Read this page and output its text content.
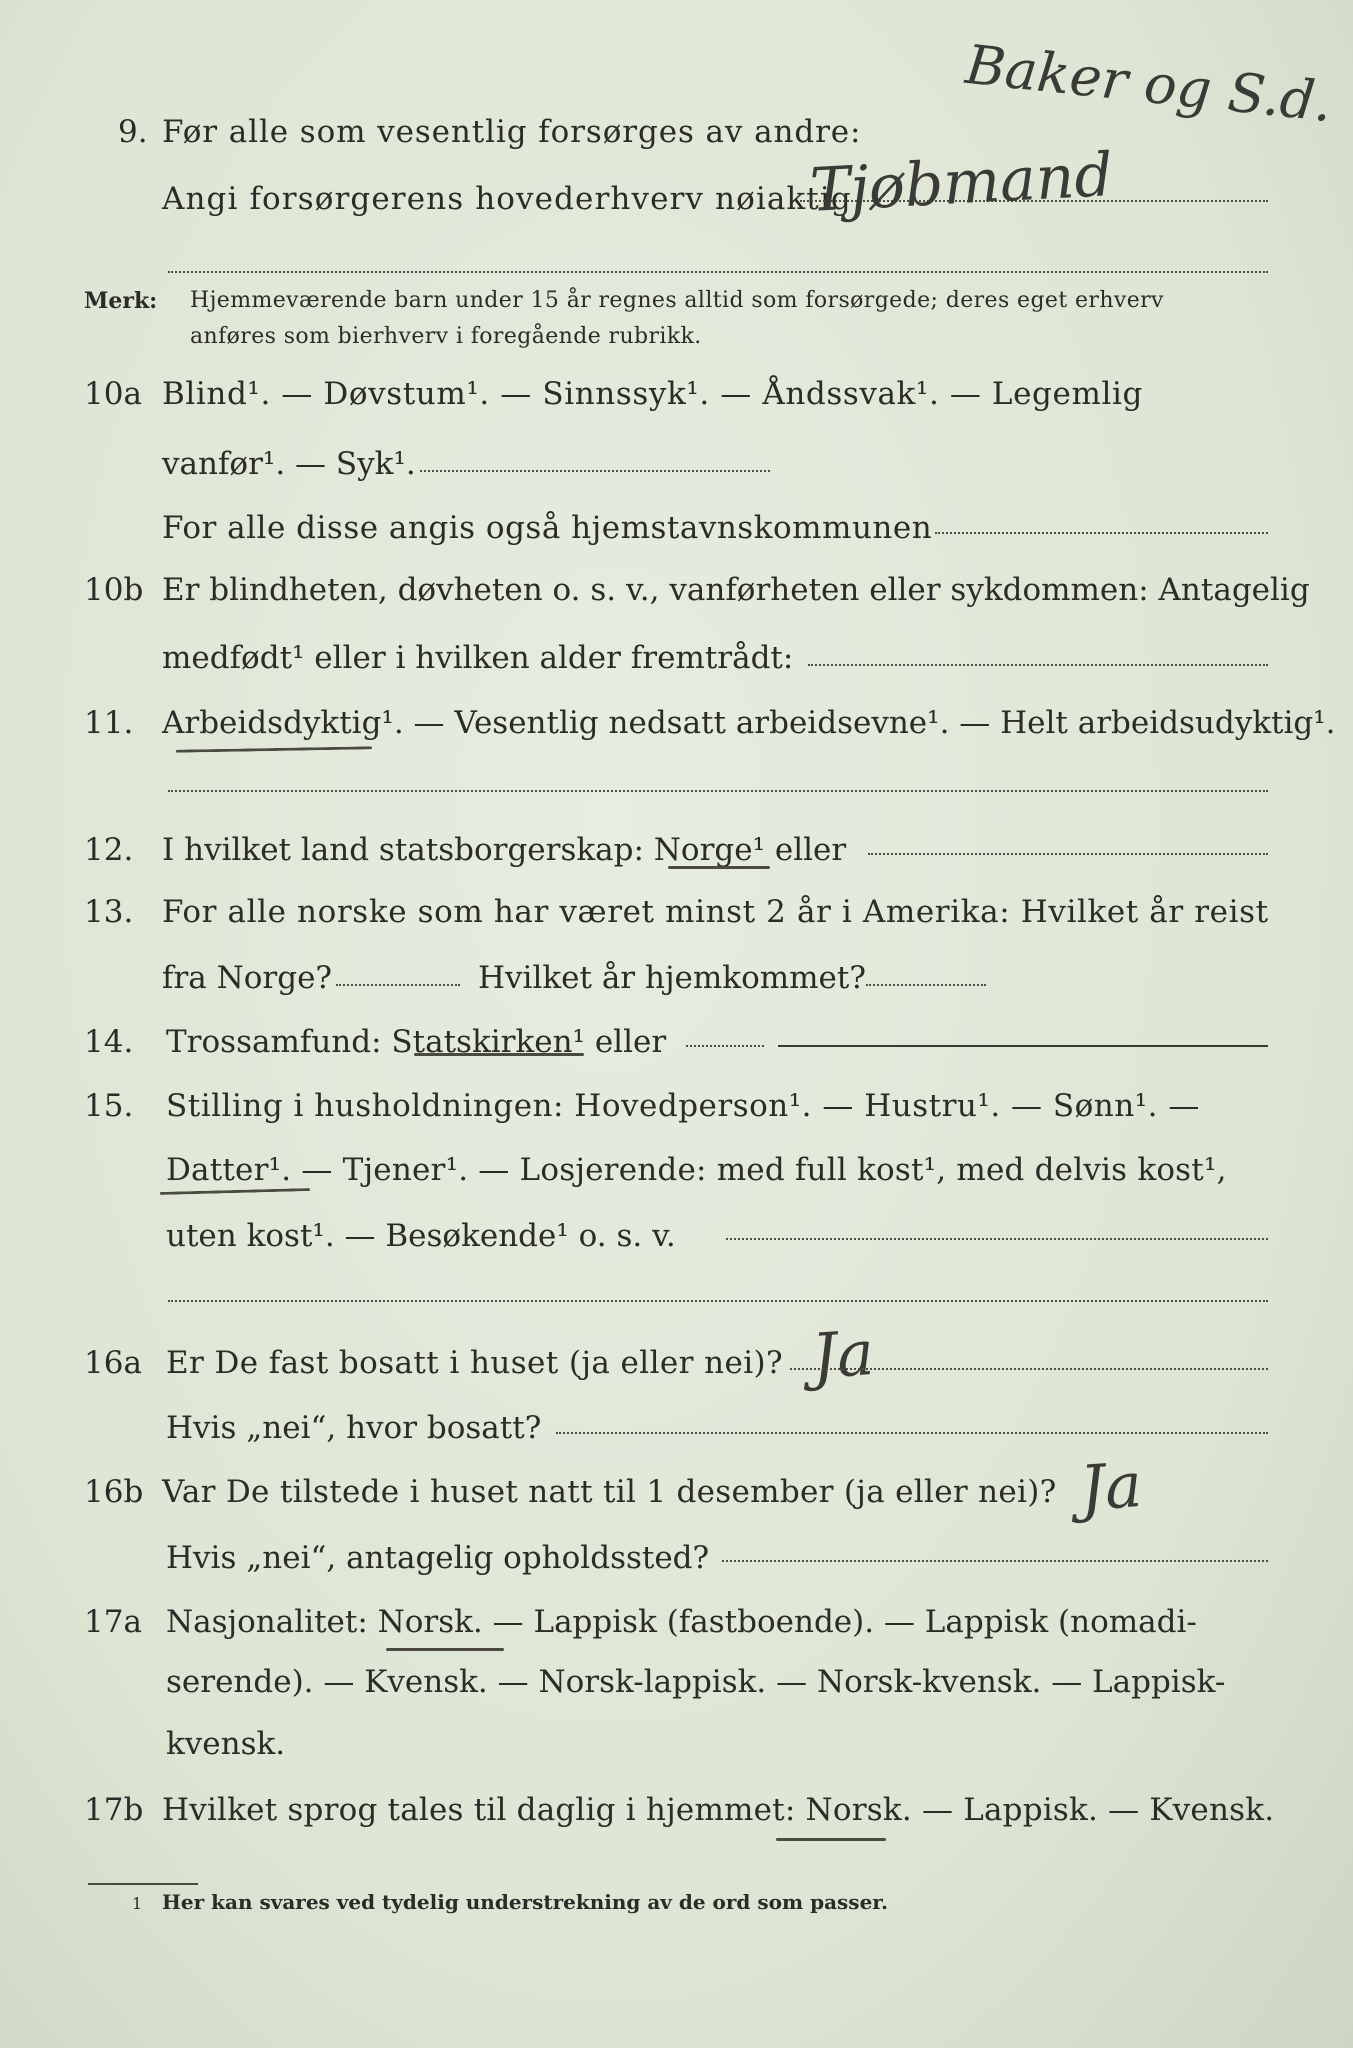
Baker og S.d.
9. Før alle som vesentlig forsørges av andre:
Angi forsørgerens hovederhverv nøiaktig
Tjøbmand
Merk: Hjemmeværende barn under 15 år regnes alltid som forsørgede; deres eget erhverv
anføres som bierhverv i foregående rubrikk.
10a Blind¹. — Døvstum¹. — Sinnssyk¹. — Åndssvak¹. — Legemlig
vanfør¹. — Syk¹.
For alle disse angis også hjemstavnskommunen
10b Er blindheten, døvheten o. s. v., vanførheten eller sykdommen: Antagelig
medfødt¹ eller i hvilken alder fremtrådt:
11. Arbeidsdyktig¹. — Vesentlig nedsatt arbeidsevne¹. — Helt arbeidsudyktig¹.
12. I hvilket land statsborgerskap: Norge¹ eller
13. For alle norske som har været minst 2 år i Amerika: Hvilket år reist
fra Norge?	Hvilket år hjemkommet?
14. Trossamfund: Statskirken¹ eller
15. Stilling i husholdningen: Hovedperson¹. — Hustru¹. — Sønn¹. —
Datter¹. — Tjener¹. — Losjerende: med full kost¹, med delvis kost¹,
uten kost¹. — Besøkende¹ o. s. v.
16a Er De fast bosatt i huset (ja eller nei)? Ja
Hvis „nei“, hvor bosatt?
16b Var De tilstede i huset natt til 1 desember (ja eller nei)? Ja
Hvis „nei“, antagelig opholdssted?
17a Nasjonalitet: Norsk. — Lappisk (fastboende). — Lappisk (nomadi-
serende). — Kvensk. — Norsk-lappisk. — Norsk-kvensk. — Lappisk-
kvensk.
17b Hvilket sprog tales til daglig i hjemmet: Norsk. — Lappisk. — Kvensk.
1 Her kan svares ved tydelig understrekning av de ord som passer.
